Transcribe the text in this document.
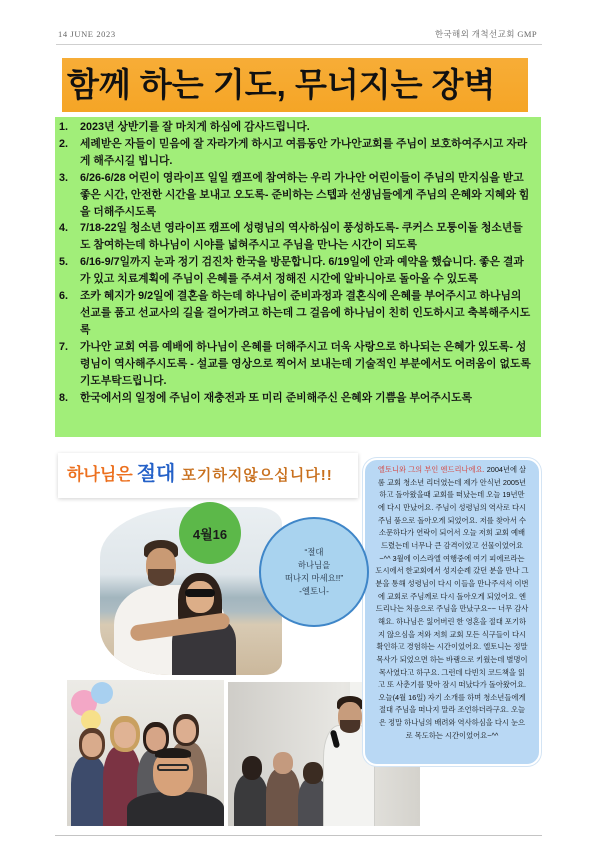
14 JUNE 2023	한국해외 개척선교회 GMP
함께 하는 기도, 무너지는 장벽
1.	2023년 상반기를 잘 마치게 하심에 감사드립니다.
2.	세례받은 자들이 믿음에 잘 자라가게 하시고 여름동안 가나안교회를 주님이 보호하여주시고 자라게 해주시길 빕니다.
3.	6/26-6/28 어린이 영라이프 일일 캠프에 참여하는 우리 가나안 어린이들이 주님의 만지심을 받고 좋은 시간, 안전한 시간을 보내고 오도록- 준비하는 스텝과 선생님들에게 주님의 은혜와 지혜와 힘을 더해주시도록
4.	7/18-22일 청소년 영라이프 캠프에 성령님의 역사하심이 풍성하도록- 쿠커스 모퉁이돌 청소년들도 참여하는데 하나님이 시야를 넓혀주시고 주님을 만나는 시간이 되도록
5.	6/16-9/7일까지 눈과 정기 검진차 한국을 방문합니다. 6/19일에 안과 예약을 했습니다. 좋은 결과가 있고 치료계획에 주님이 은혜를 주셔서 정해진 시간에 알바니아로 돌아올 수 있도록
6.	조카 혜지가 9/2일에 결혼을 하는데 하나님이 준비과정과 결혼식에 은혜를 부어주시고 하나님의 선교를 품고 선교사의 길을 걸어가려고 하는데 그 걸음에 하나님이 친히 인도하시고 축복해주시도록
7.	가나안 교회 여름 예배에 하나님이 은혜를 더해주시고 더욱 사랑으로 하나되는 은혜가 있도록- 성령님이 역사해주시도록 - 설교를 영상으로 찍어서 보내는데 기술적인 부분에서도 어려움이 없도록 기도부탁드립니다.
8.	한국에서의 일정에 주님이 재충전과 또 미리 준비해주신 은혜와 기쁨을 부어주시도록
하나님은 절대 포기하지않으십니다!!
4월16
“절대
하나님을
떠나지 마세요!!”
-엘토니-
엘토니와 그의 부인 엔드리나에요. 2004년에 살
롬 교회 청소년 리더였는데 제가 안식년 2005년
하고 돌아왔을때 교회를 떠났는데 오늘 19년만
에 다시 만났어요. 주님이 성령님의 역사로 다시
주님 품으로 돌아오게 되었어요. 저를 찾아서 수
소문하다가 연락이 되어서 오늘 저희 교회 예배
드렸는데 너무나 큰 감격이었고 선물이었어요
~^^ 3월에 이스라엘 여행중에 여기 피에르라는
도시에서 한교회에서 성지순례 갔던 분을 만나 그
분을 통해 성령님이 다시 이들을 만나주셔서 이번
에 교회로 주님께로 다시 돌아오게 되었어요. 엔
드리나는 처음으로 주님을 만났구요~~ 너무 감사
해요. 하나님은 잃어버린 한 영혼을 절대 포기하
지 않으심을 저와 저희 교회 모든 식구들이 다시
확인하고 경험하는 시간이었어요. 엘토니는 정말
목사가 되었으면 하는 바램으로 키웠는데 별명이
목사였다고 하구요. 그런데 다빈치 코드책을 읽
고 또 사춘기를 맞아 잠시 떠났다가 돌아왔어요.
오늘(4월 16일) 자기 소개를 하며 청소년들에게
절대 주님을 떠나지 말라 조언하더라구요. 오늘
은 정말 하나님의 배려와 역사하심을 다시 눈으
로 목도하는 시간이었어요~^^
